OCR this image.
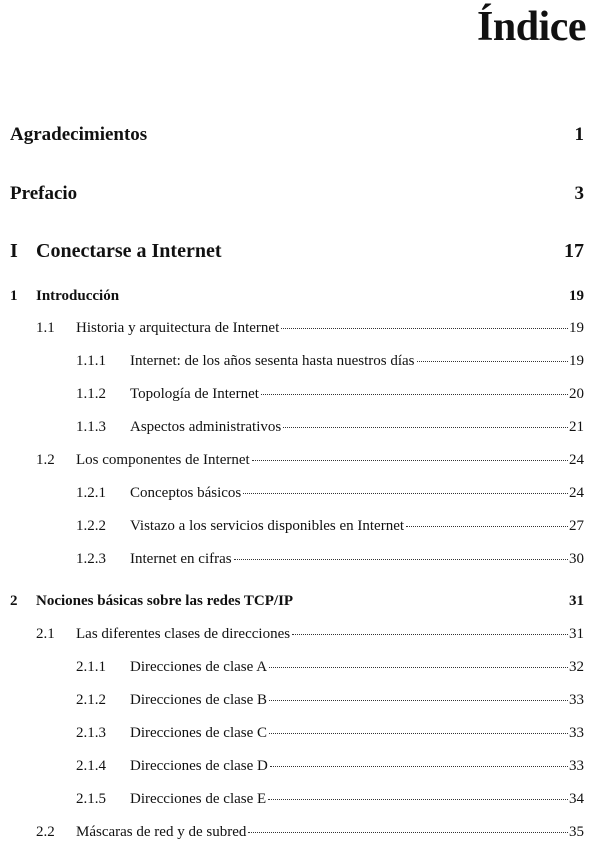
Índice
Agradecimientos	1
Prefacio	3
I Conectarse a Internet	17
1 Introducción	19
1.1 Historia y arquitectura de Internet	19
1.1.1 Internet: de los años sesenta hasta nuestros días	19
1.1.2 Topología de Internet	20
1.1.3 Aspectos administrativos	21
1.2 Los componentes de Internet	24
1.2.1 Conceptos básicos	24
1.2.2 Vistazo a los servicios disponibles en Internet	27
1.2.3 Internet en cifras	30
2 Nociones básicas sobre las redes TCP/IP	31
2.1 Las diferentes clases de direcciones	31
2.1.1 Direcciones de clase A	32
2.1.2 Direcciones de clase B	33
2.1.3 Direcciones de clase C	33
2.1.4 Direcciones de clase D	33
2.1.5 Direcciones de clase E	34
2.2 Máscaras de red y de subred	35
